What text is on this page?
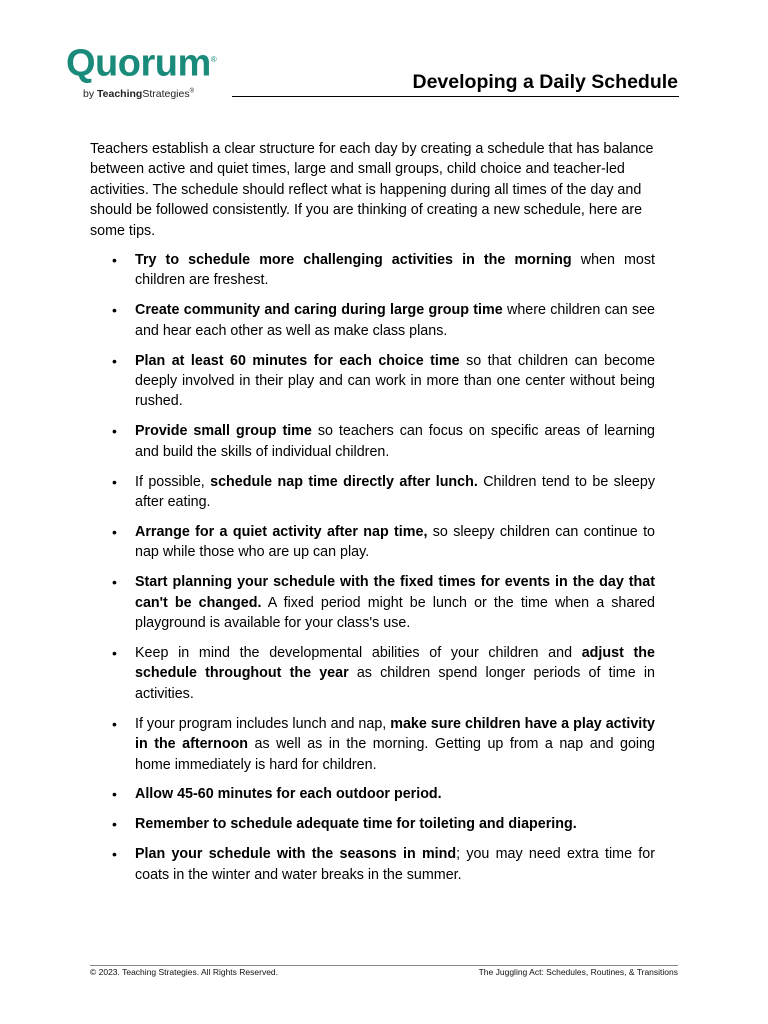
Quorum®
by TeachingStrategies®	Developing a Daily Schedule

Teachers establish a clear structure for each day by creating a schedule that has balance between active and quiet times, large and small groups, child choice and teacher-led activities. The schedule should reflect what is happening during all times of the day and should be followed consistently. If you are thinking of creating a new schedule, here are some tips.

• Try to schedule more challenging activities in the morning when most children are freshest.
• Create community and caring during large group time where children can see and hear each other as well as make class plans.
• Plan at least 60 minutes for each choice time so that children can become deeply involved in their play and can work in more than one center without being rushed.
• Provide small group time so teachers can focus on specific areas of learning and build the skills of individual children.
• If possible, schedule nap time directly after lunch. Children tend to be sleepy after eating.
• Arrange for a quiet activity after nap time, so sleepy children can continue to nap while those who are up can play.
• Start planning your schedule with the fixed times for events in the day that can't be changed. A fixed period might be lunch or the time when a shared playground is available for your class's use.
• Keep in mind the developmental abilities of your children and adjust the schedule throughout the year as children spend longer periods of time in activities.
• If your program includes lunch and nap, make sure children have a play activity in the afternoon as well as in the morning. Getting up from a nap and going home immediately is hard for children.
• Allow 45-60 minutes for each outdoor period.
• Remember to schedule adequate time for toileting and diapering.
• Plan your schedule with the seasons in mind; you may need extra time for coats in the winter and water breaks in the summer.
© 2023. Teaching Strategies. All Rights Reserved.	The Juggling Act: Schedules, Routines, & Transitions
